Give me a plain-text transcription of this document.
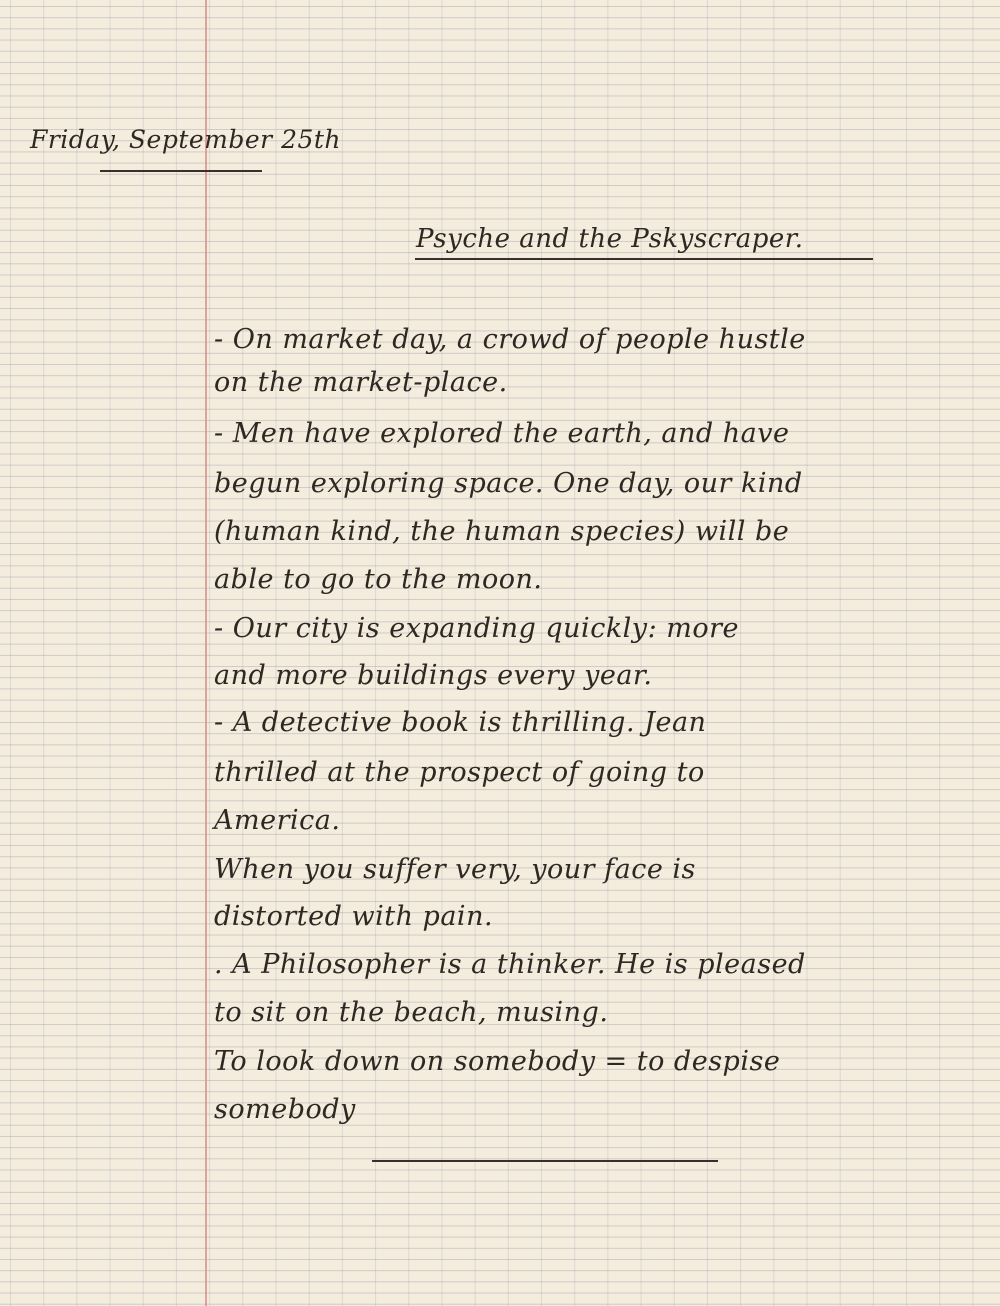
Friday, September 25th

Psyche and the Pskyscraper.

- On market day, a crowd of people hustle

on the market-place.

- Men have explored the earth, and have

begun exploring space. One day, our kind

(human kind, the human species) will be

able to go to the moon.

- Our city is expanding quickly: more

and more buildings every year.

- A detective book is thrilling. Jean

thrilled at the prospect of going to

America.

When you suffer very, your face is

distorted with pain.

. A Philosopher is a thinker. He is pleased

to sit on the beach, musing.

To look down on somebody = to despise

somebody
